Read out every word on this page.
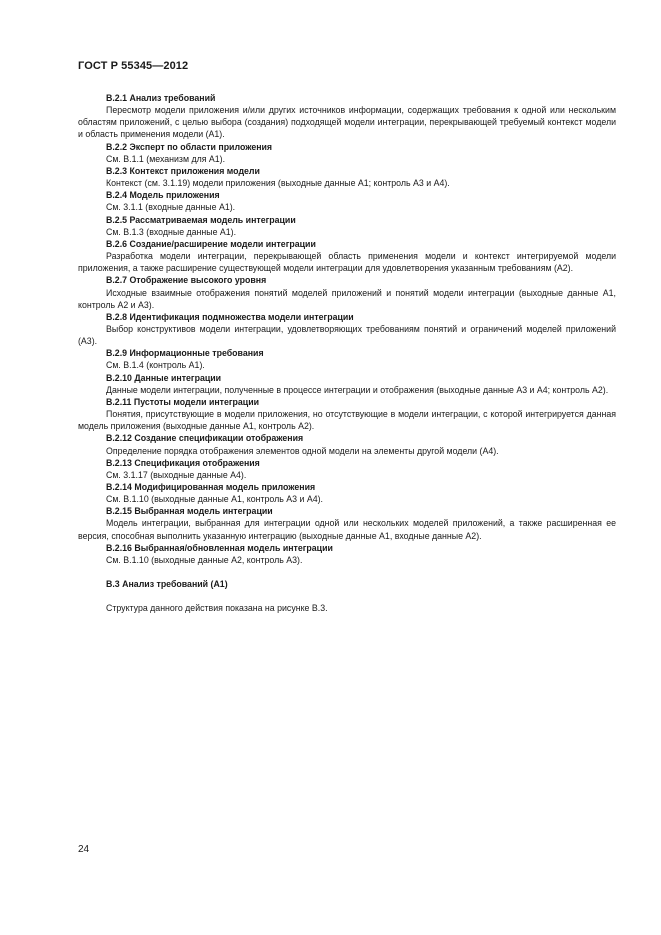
ГОСТ Р 55345—2012
В.2.1 Анализ требований
Пересмотр модели приложения и/или других источников информации, содержащих требования к одной или нескольким областям приложений, с целью выбора (создания) подходящей модели интеграции, перекрывающей требуемый контекст модели и область применения модели (A1).
В.2.2 Эксперт по области приложения
См. В.1.1 (механизм для A1).
В.2.3 Контекст приложения модели
Контекст (см. 3.1.19) модели приложения (выходные данные A1; контроль A3 и A4).
В.2.4 Модель приложения
См. 3.1.1 (входные данные A1).
В.2.5 Рассматриваемая модель интеграции
См. В.1.3 (входные данные A1).
В.2.6 Создание/расширение модели интеграции
Разработка модели интеграции, перекрывающей область применения модели и контекст интегрируемой модели приложения, а также расширение существующей модели интеграции для удовлетворения указанным требованиям (A2).
В.2.7 Отображение высокого уровня
Исходные взаимные отображения понятий моделей приложений и понятий модели интеграции (выходные данные A1, контроль A2 и A3).
В.2.8 Идентификация подмножества модели интеграции
Выбор конструктивов модели интеграции, удовлетворяющих требованиям понятий и ограничений моделей приложений (A3).
В.2.9 Информационные требования
См. В.1.4 (контроль A1).
В.2.10 Данные интеграции
Данные модели интеграции, полученные в процессе интеграции и отображения (выходные данные A3 и A4; контроль A2).
В.2.11 Пустоты модели интеграции
Понятия, присутствующие в модели приложения, но отсутствующие в модели интеграции, с которой интегрируется данная модель приложения (выходные данные A1, контроль A2).
В.2.12 Создание спецификации отображения
Определение порядка отображения элементов одной модели на элементы другой модели (A4).
В.2.13 Спецификация отображения
См. 3.1.17 (выходные данные A4).
В.2.14 Модифицированная модель приложения
См. В.1.10 (выходные данные A1, контроль A3 и A4).
В.2.15 Выбранная модель интеграции
Модель интеграции, выбранная для интеграции одной или нескольких моделей приложений, а также расширенная ее версия, способная выполнить указанную интеграцию (выходные данные A1, входные данные A2).
В.2.16 Выбранная/обновленная модель интеграции
См. В.1.10 (выходные данные A2, контроль A3).
В.3 Анализ требований (A1)
Структура данного действия показана на рисунке В.3.
24
